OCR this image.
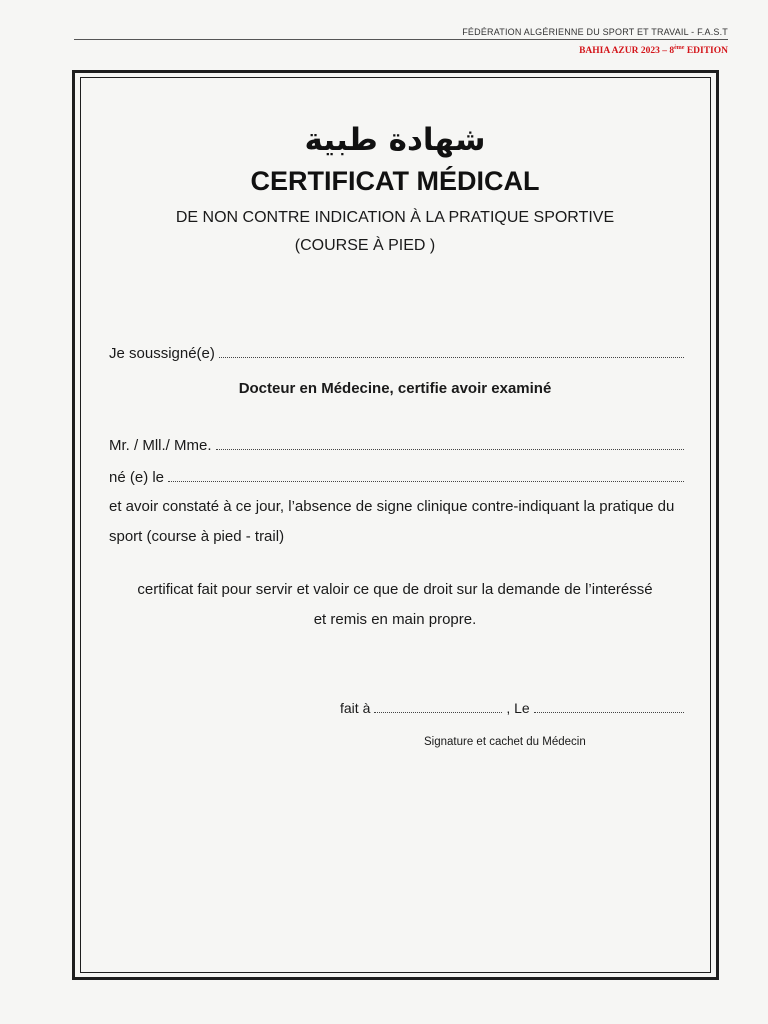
FÉDÉRATION ALGÉRIENNE DU SPORT ET TRAVAIL - F.A.S.T
BAHIA AZUR 2023 – 8ème EDITION
شهادة طبية
CERTIFICAT MÉDICAL
DE NON CONTRE INDICATION À LA PRATIQUE SPORTIVE
(COURSE À PIED )
Je soussigné(e)
Docteur en Médecine, certifie avoir examiné
Mr. / Mll./ Mme.
né (e) le
et avoir constaté à ce jour, l’absence de signe clinique contre-indiquant la pratique du sport (course à pied - trail)
certificat fait pour servir et valoir ce que de droit sur la demande de l’interéssé
et remis en main propre.
fait à	, Le
Signature et cachet du Médecin
